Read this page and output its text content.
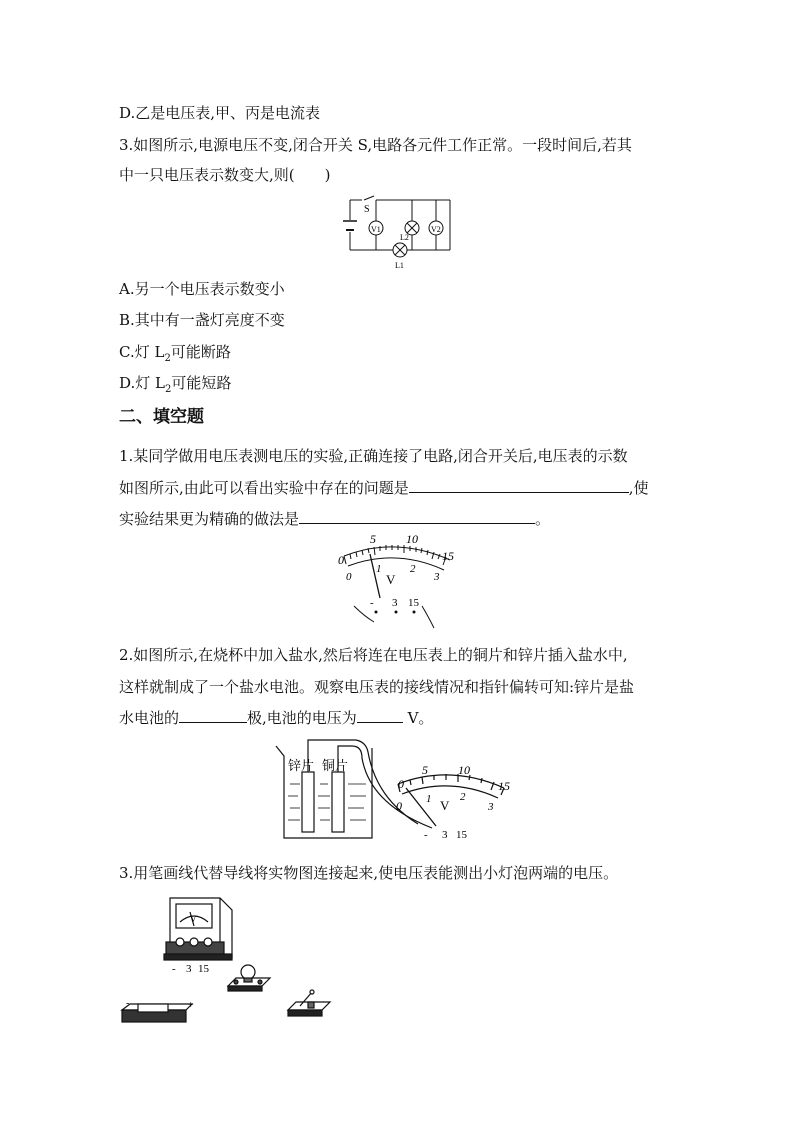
D.乙是电压表,甲、丙是电流表
3.如图所示,电源电压不变,闭合开关 S,电路各元件工作正常。一段时间后,若其
中一只电压表示数变大,则(　　)
S
V1
L2
V2
L1
A.另一个电压表示数变小
B.其中有一盏灯亮度不变
C.灯 $L_2$可能断路
D.灯 $L_2$可能短路
二、填空题
1.某同学做用电压表测电压的实验,正确连接了电路,闭合开关后,电压表的示数
如图所示,由此可以看出实验中存在的问题是	,使
实验结果更为精确的做法是	。
0
5	10
15
0
1	2
3
V
- 3 15
2.如图所示,在烧杯中加入盐水,然后将连在电压表上的铜片和锌片插入盐水中,
这样就制成了一个盐水电池。观察电压表的接线情况和指针偏转可知:锌片是盐
水电池的	极,电池的电压为	V。
锌片 铜片
0
0
5	10
15
1	2
3
V
- 3 15
3.用笔画线代替导线将实物图连接起来,使电压表能测出小灯泡两端的电压。
V
- 3 15
-	+
